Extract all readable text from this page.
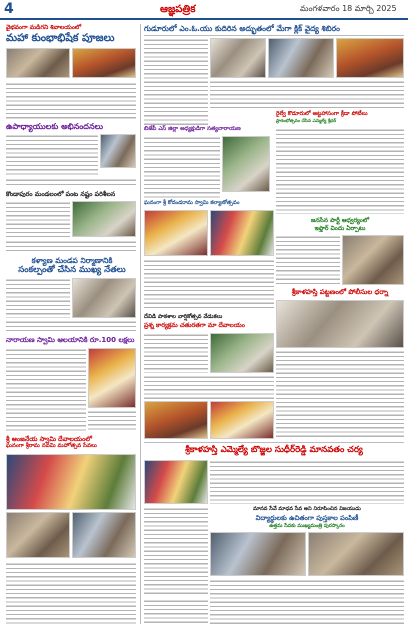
4	ఆజ్ఞపత్రిక	మంగళవారం 18 మార్చి 2025
వైభవంగా మడిగని శివాలయంలో
మహా కుంభాభిషేక పూజలు
ఉపాధ్యాయులకు అభినందనలు
కొండాపురం మండలంలో పంట నష్టం పరిశీలన
కళ్యాణ మండప నిర్మాణానికి
సంకల్పంతో చేసిన ముఖ్య నేతలు
నారాయణ స్వామి ఆలయానికి రూ.100 లక్షలు
శ్రీ ఆంజనేయ స్వామి దేవాలయంలో
ఘనంగా శ్రీరామ నవమి మహోత్సవ సేవలు
గుడూరులో ఎం.ఓ.యు కుదిరిన అద్భుతంలో మేగా క్లిక్ వైద్య శిబిరం
బిజేపీ ఎస్ జిల్లా అధ్యక్షుడిగా సత్యనారాయణ
రైల్వే కొడూరులో అట్టహాసంగా క్రీడా పోటీలు
ప్రారంభోత్సవం చేసిన ఎమ్మెల్యే శ్రీధర్
ఘనంగా శ్రీ కోదండరామ స్వామి కల్యాణోత్సవం
జనసేన పార్టీ ఆధ్వర్యంలో
ఇఫ్తార్ విందు ఏర్పాటు
శ్రీకాళహస్తి పట్టణంలో పోలీసుల ధర్నా
దేవిడి పాఠశాల వార్షికోత్సవ వేడుకలు
ప్రశ్న కార్యక్రమ చతురతగా మా దేవాలయం
శ్రీకాళహస్తి ఎమ్మెల్యే బొజ్జల సుధీర్‌రెడ్డి మానవతం చర్య
మానవ సేవే మాధవ సేవ అని నిరూపించిన విజయుడు
విద్యార్థులకు ఉచితంగా పుస్తకాల పంపిణీ
ఉత్తమ సేవకు ముఖ్యమంత్రి పురస్కారం
